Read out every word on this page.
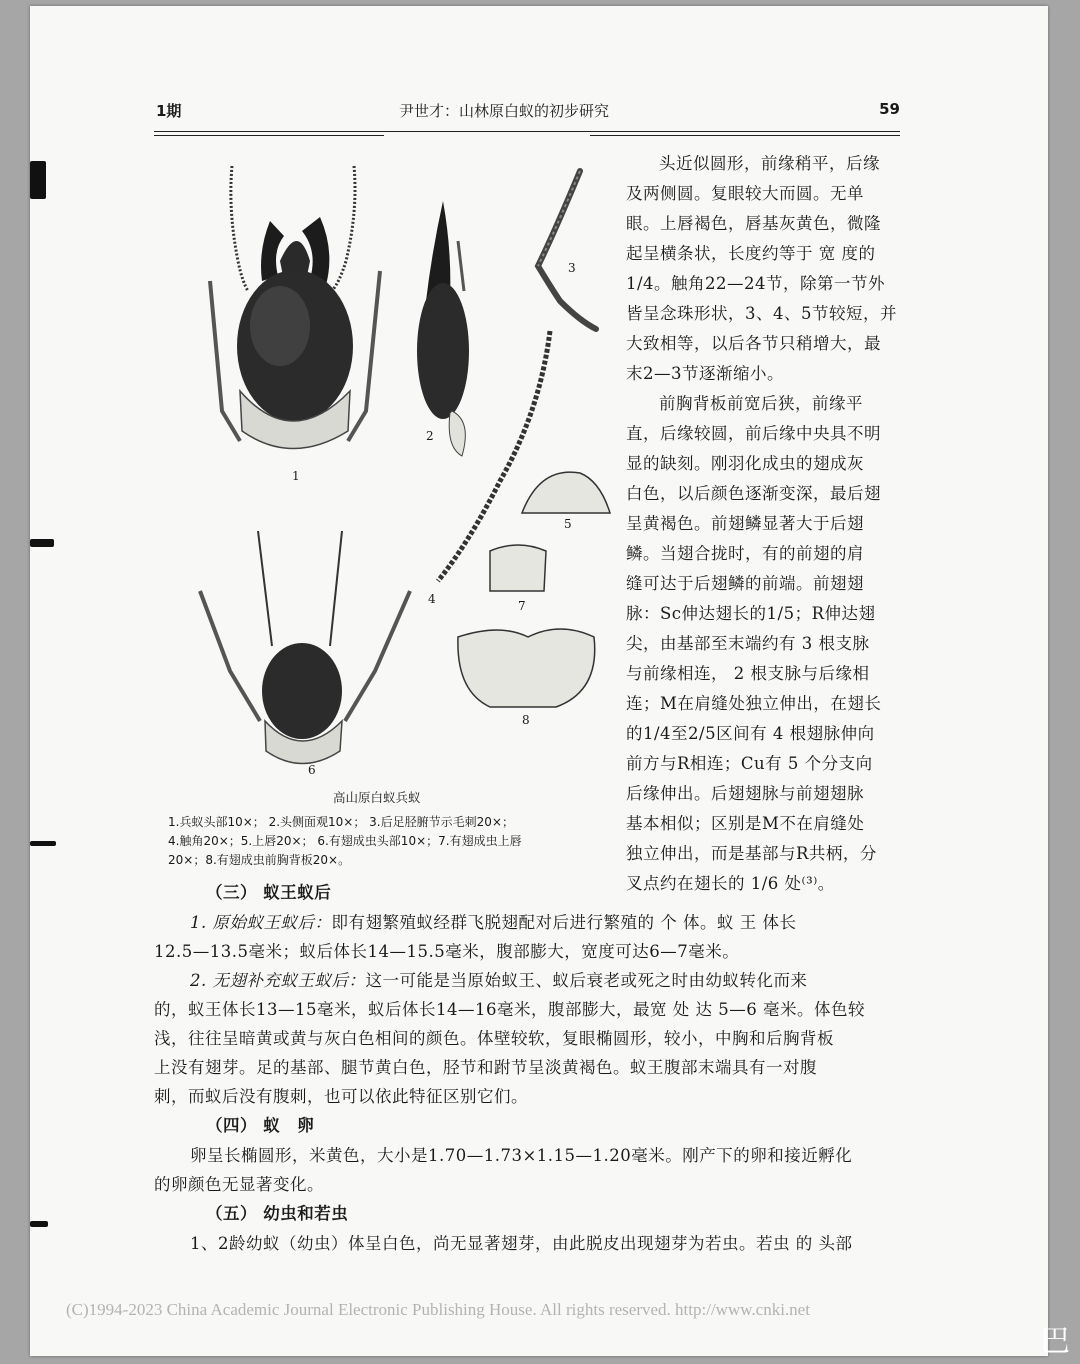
1期	尹世才：山林原白蚁的初步研究	59
1
2
3
4
5
6
7
8
高山原白蚁兵蚁
1.兵蚁头部10×； 2.头侧面观10×； 3.后足胫腑节示毛刺20×；
4.触角20×；5.上唇20×； 6.有翅成虫头部10×；7.有翅成虫上唇
20×；8.有翅成虫前胸背板20×。
头近似圆形，前缘稍平，后缘
及两侧圆。复眼较大而圆。无单
眼。上唇褐色，唇基灰黄色，微隆
起呈横条状，长度约等于 宽 度的
1/4。触角22—24节，除第一节外
皆呈念珠形状，3、4、5节较短，并
大致相等，以后各节只稍增大，最
末2—3节逐渐缩小。
前胸背板前宽后狭，前缘平
直，后缘较圆，前后缘中央具不明
显的缺刻。刚羽化成虫的翅成灰
白色，以后颜色逐渐变深，最后翅
呈黄褐色。前翅鳞显著大于后翅
鳞。当翅合拢时，有的前翅的肩
缝可达于后翅鳞的前端。前翅翅
脉：Sc伸达翅长的1/5；R伸达翅
尖，由基部至末端约有 3 根支脉
与前缘相连， 2 根支脉与后缘相
连；M在肩缝处独立伸出，在翅长
的1/4至2/5区间有 4 根翅脉伸向
前方与R相连；Cu有 5 个分支向
后缘伸出。后翅翅脉与前翅翅脉
基本相似；区别是M不在肩缝处
独立伸出，而是基部与R共柄，分
叉点约在翅长的 1/6 处⁽³⁾。
（三） 蚁王蚁后
1. 原始蚁王蚁后：即有翅繁殖蚁经群飞脱翅配对后进行繁殖的 个 体。蚁 王 体长
12.5—13.5毫米；蚁后体长14—15.5毫米，腹部膨大，宽度可达6—7毫米。
2. 无翅补充蚁王蚁后：这一可能是当原始蚁王、蚁后衰老或死之时由幼蚁转化而来
的，蚁王体长13—15毫米，蚁后体长14—16毫米，腹部膨大，最宽 处 达 5—6 毫米。体色较
浅，往往呈暗黄或黄与灰白色相间的颜色。体壁较软，复眼椭圆形，较小，中胸和后胸背板
上没有翅芽。足的基部、腿节黄白色，胫节和跗节呈淡黄褐色。蚁王腹部末端具有一对腹
刺，而蚁后没有腹刺，也可以依此特征区别它们。
（四） 蚁　卵
卵呈长椭圆形，米黄色，大小是1.70—1.73×1.15—1.20毫米。刚产下的卵和接近孵化
的卵颜色无显著变化。
（五） 幼虫和若虫
1、2龄幼蚁（幼虫）体呈白色，尚无显著翅芽，由此脱皮出现翅芽为若虫。若虫 的 头部
(C)1994-2023 China Academic Journal Electronic Publishing House. All rights reserved. http://www.cnki.net
巴
